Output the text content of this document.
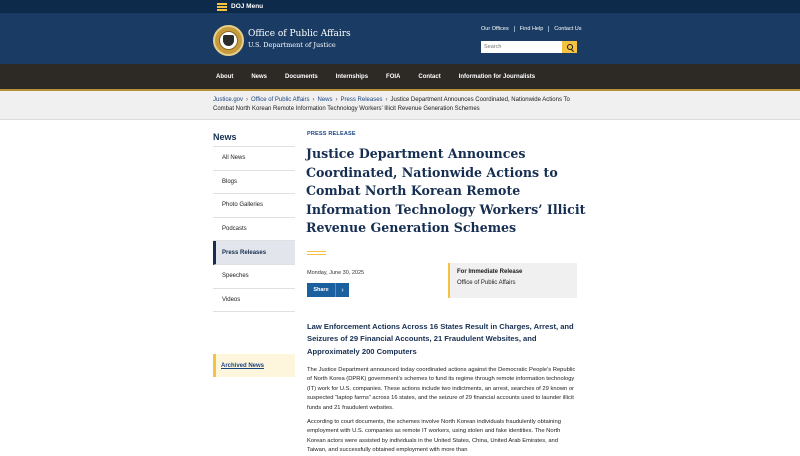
DOJ Menu
Office of Public Affairs
U.S. Department of Justice
Our Offices	Find Help	Contact Us
Search
About	News	Documents	Internships	FOIA	Contact	Information for Journalists
Justice.gov › Office of Public Affairs › News › Press Releases › Justice Department Announces Coordinated, Nationwide Actions To Combat North Korean Remote Information Technology Workers’ Illicit Revenue Generation Schemes
News
All News
Blogs
Photo Galleries
Podcasts
Press Releases
Speeches
Videos
Archived News
PRESS RELEASE
Justice Department Announces Coordinated, Nationwide Actions to Combat North Korean Remote Information Technology Workers’ Illicit Revenue Generation Schemes
Monday, June 30, 2025
Share	›
For Immediate Release
Office of Public Affairs
Law Enforcement Actions Across 16 States Result in Charges, Arrest, and Seizures of 29 Financial Accounts, 21 Fraudulent Websites, and Approximately 200 Computers

The Justice Department announced today coordinated actions against the Democratic People’s Republic of North Korea (DPRK) government’s schemes to fund its regime through remote information technology (IT) work for U.S. companies. These actions include two indictments, an arrest, searches of 29 known or suspected “laptop farms” across 16 states, and the seizure of 29 financial accounts used to launder illicit funds and 21 fraudulent websites.

According to court documents, the schemes involve North Korean individuals fraudulently obtaining employment with U.S. companies as remote IT workers, using stolen and fake identities. The North Korean actors were assisted by individuals in the United States, China, United Arab Emirates, and Taiwan, and successfully obtained employment with more than
